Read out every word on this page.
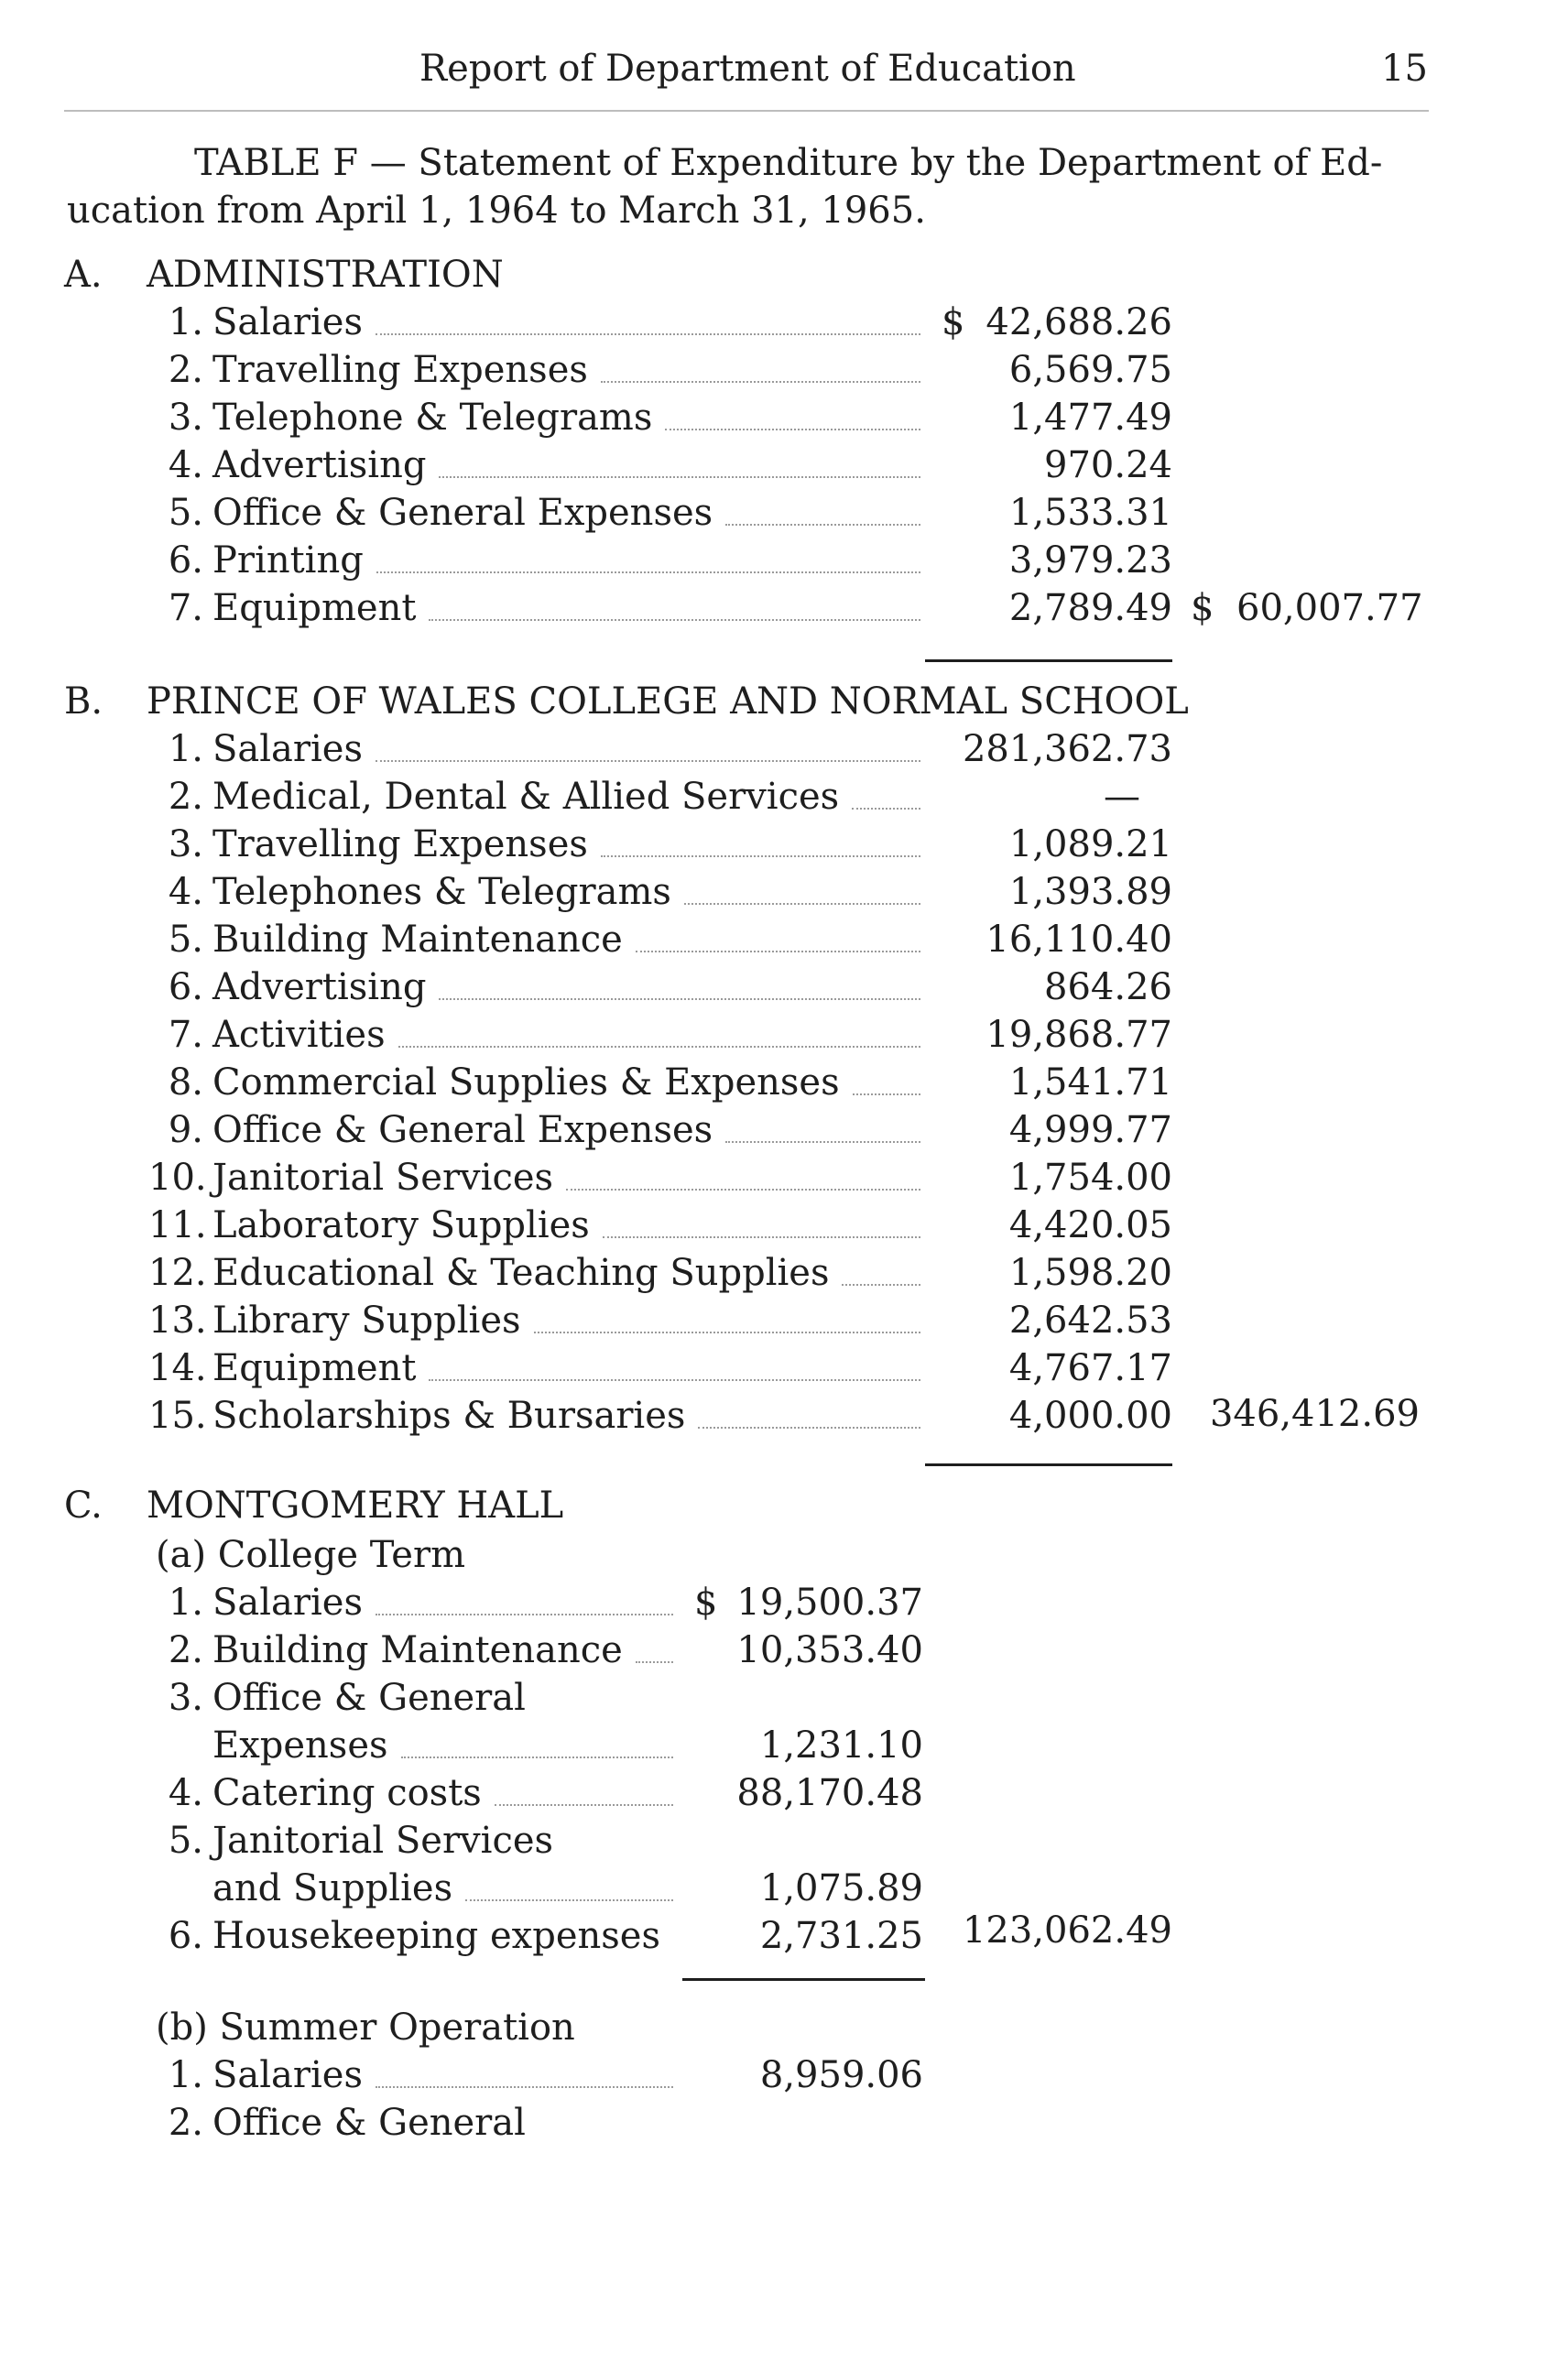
Report of Department of Education	15
TABLE F — Statement of Expenditure by the Department of Ed-
ucation from April 1, 1964 to March 31, 1965.
A. ADMINISTRATION
1. Salaries	$ 42,688.26
2. Travelling Expenses	6,569.75
3. Telephone & Telegrams	1,477.49
4. Advertising	970.24
5. Office & General Expenses	1,533.31
6. Printing	3,979.23
7. Equipment	2,789.49 $ 60,007.77
B. PRINCE OF WALES COLLEGE AND NORMAL SCHOOL
1. Salaries	281,362.73
2. Medical, Dental & Allied Services	—
3. Travelling Expenses	1,089.21
4. Telephones & Telegrams	1,393.89
5. Building Maintenance	16,110.40
6. Advertising	864.26
7. Activities	19,868.77
8. Commercial Supplies & Expenses	1,541.71
9. Office & General Expenses	4,999.77
10. Janitorial Services	1,754.00
11. Laboratory Supplies	4,420.05
12. Educational & Teaching Supplies	1,598.20
13. Library Supplies	2,642.53
14. Equipment	4,767.17
15. Scholarships & Bursaries	4,000.00 346,412.69
C. MONTGOMERY HALL
(a) College Term
1. Salaries	$ 19,500.37
2. Building Maintenance	10,353.40
3. Office & General
Expenses	1,231.10
4. Catering costs	88,170.48
5. Janitorial Services
and Supplies	1,075.89
6. Housekeeping expenses	2,731.25	123,062.49
(b) Summer Operation
1. Salaries	8,959.06
2. Office & General
